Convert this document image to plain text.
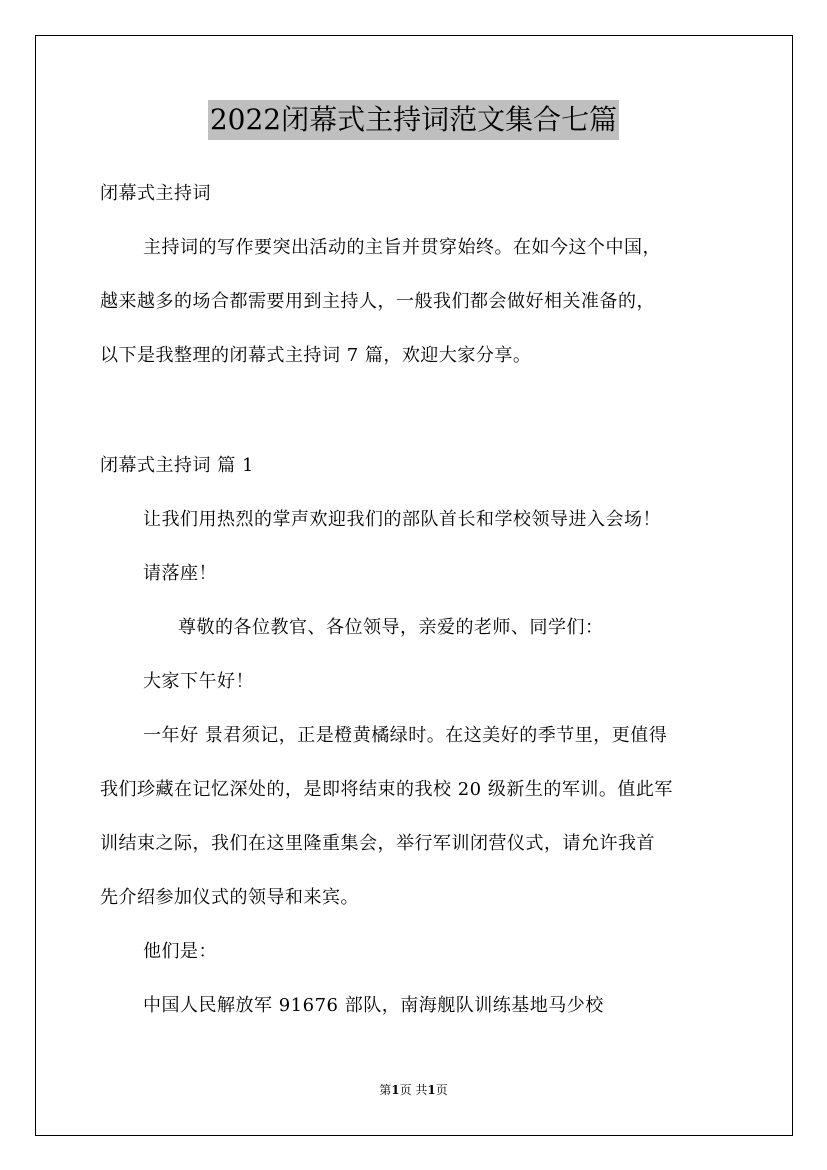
2022闭幕式主持词范文集合七篇
闭幕式主持词
主持词的写作要突出活动的主旨并贯穿始终。在如今这个中国，
越来越多的场合都需要用到主持人，一般我们都会做好相关准备的，
以下是我整理的闭幕式主持词 7 篇，欢迎大家分享。
闭幕式主持词 篇 1
让我们用热烈的掌声欢迎我们的部队首长和学校领导进入会场！
请落座！
尊敬的各位教官、各位领导，亲爱的老师、同学们：
大家下午好！
一年好 景君须记，正是橙黄橘绿时。在这美好的季节里，更值得
我们珍藏在记忆深处的，是即将结束的我校 20 级新生的军训。值此军
训结束之际，我们在这里隆重集会，举行军训闭营仪式，请允许我首
先介绍参加仪式的领导和来宾。
他们是：
中国人民解放军 91676 部队，南海舰队训练基地马少校
第1页 共1页
